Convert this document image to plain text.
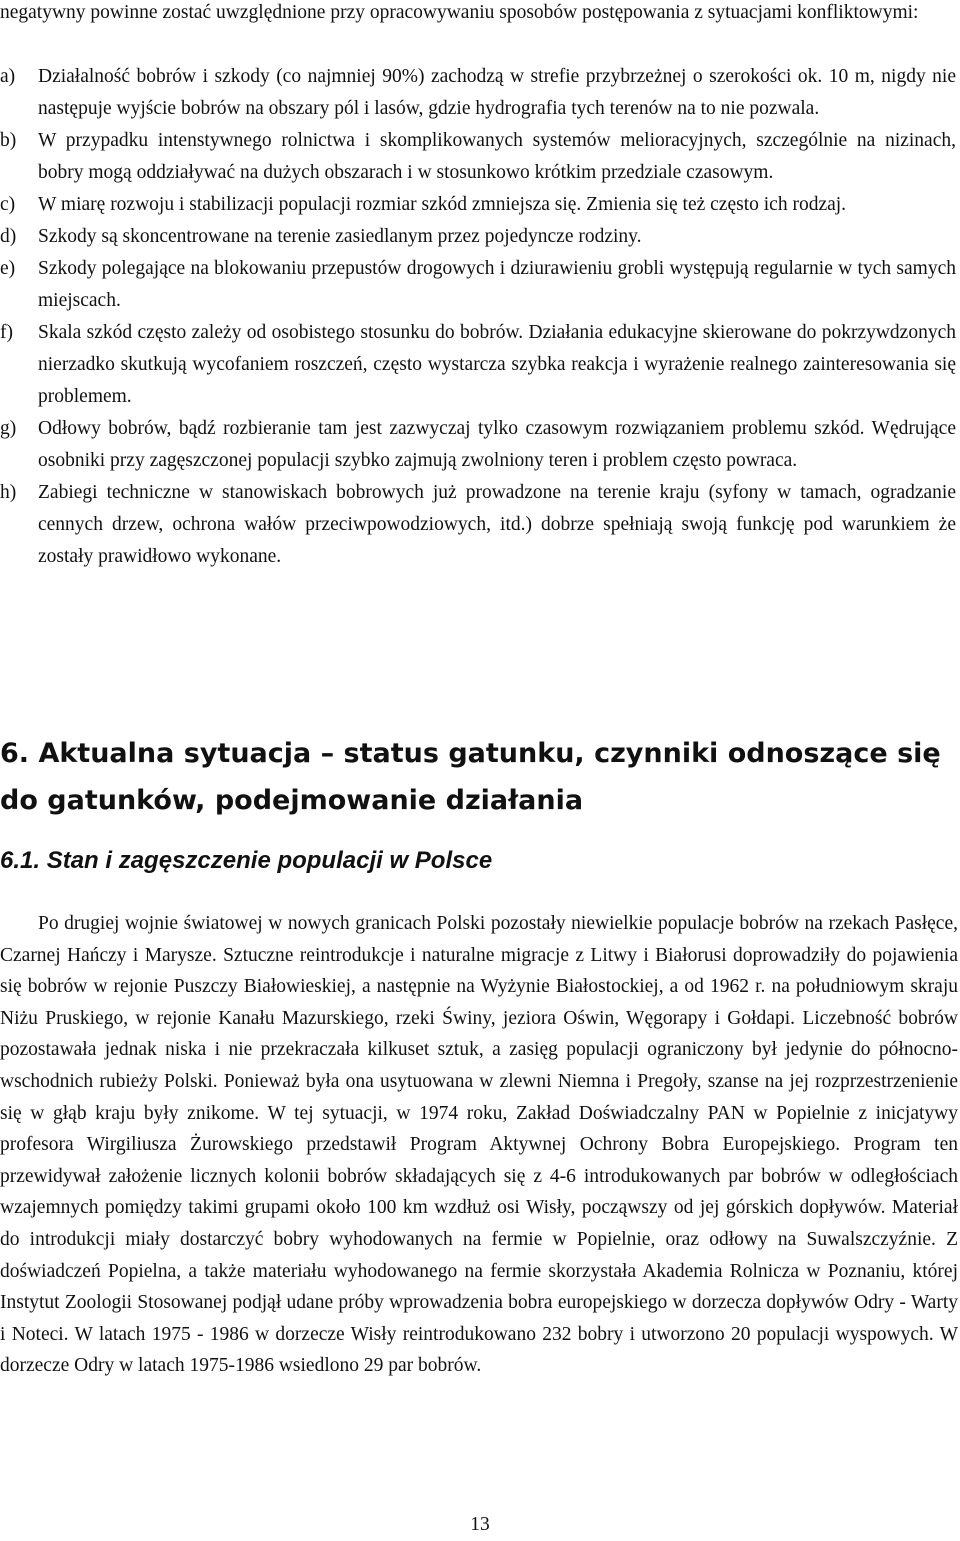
negatywny powinne zostać uwzględnione przy opracowywaniu sposobów postępowania z sytuacjami konfliktowymi:

a) Działalność bobrów i szkody (co najmniej 90%) zachodzą w strefie przybrzeżnej o szerokości ok. 10 m, nigdy nie następuje wyjście bobrów na obszary pól i lasów, gdzie hydrografia tych terenów na to nie pozwala.
b) W przypadku intenstywnego rolnictwa i skomplikowanych systemów melioracyjnych, szczególnie na nizinach, bobry mogą oddziaływać na dużych obszarach i w stosunkowo krótkim przedziale czasowym.
c) W miarę rozwoju i stabilizacji populacji rozmiar szkód zmniejsza się. Zmienia się też często ich rodzaj.
d) Szkody są skoncentrowane na terenie zasiedlanym przez pojedyncze rodziny.
e) Szkody polegające na blokowaniu przepustów drogowych i dziurawieniu grobli występują regularnie w tych samych miejscach.
f) Skala szkód często zależy od osobistego stosunku do bobrów. Działania edukacyjne skierowane do pokrzywdzonych nierzadko skutkują wycofaniem roszczeń, często wystarcza szybka reakcja i wyrażenie realnego zainteresowania się problemem.
g) Odłowy bobrów, bądź rozbieranie tam jest zazwyczaj tylko czasowym rozwiązaniem problemu szkód. Wędrujące osobniki przy zagęszczonej populacji szybko zajmują zwolniony teren i problem często powraca.
h) Zabiegi techniczne w stanowiskach bobrowych już prowadzone na terenie kraju (syfony w tamach, ogradzanie cennych drzew, ochrona wałów przeciwpowodziowych, itd.) dobrze spełniają swoją funkcję pod warunkiem że zostały prawidłowo wykonane.
6. Aktualna sytuacja – status gatunku, czynniki odnoszące się do gatunków, podejmowanie działania
6.1. Stan i zagęszczenie populacji w Polsce

Po drugiej wojnie światowej w nowych granicach Polski pozostały niewielkie populacje bobrów na rzekach Pasłęce, Czarnej Hańczy i Marysze. Sztuczne reintrodukcje i naturalne migracje z Litwy i Białorusi doprowadziły do pojawienia się bobrów w rejonie Puszczy Białowieskiej, a następnie na Wyżynie Białostockiej, a od 1962 r. na południowym skraju Niżu Pruskiego, w rejonie Kanału Mazurskiego, rzeki Świny, jeziora Oświn, Węgorapy i Gołdapi. Liczebność bobrów pozostawała jednak niska i nie przekraczała kilkuset sztuk, a zasięg populacji ograniczony był jedynie do północno-wschodnich rubieży Polski. Ponieważ była ona usytuowana w zlewni Niemna i Pregoły, szanse na jej rozprzestrzenienie się w głąb kraju były znikome. W tej sytuacji, w 1974 roku, Zakład Doświadczalny PAN w Popielnie z inicjatywy profesora Wirgiliusza Żurowskiego przedstawił Program Aktywnej Ochrony Bobra Europejskiego. Program ten przewidywał założenie licznych kolonii bobrów składających się z 4-6 introdukowanych par bobrów w odległościach wzajemnych pomiędzy takimi grupami około 100 km wzdłuż osi Wisły, począwszy od jej górskich dopływów. Materiał do introdukcji miały dostarczyć bobry wyhodowanych na fermie w Popielnie, oraz odłowy na Suwalszczyźnie. Z doświadczeń Popielna, a także materiału wyhodowanego na fermie skorzystała Akademia Rolnicza w Poznaniu, której Instytut Zoologii Stosowanej podjął udane próby wprowadzenia bobra europejskiego w dorzecza dopływów Odry - Warty i Noteci. W latach 1975 - 1986 w dorzecze Wisły reintrodukowano 232 bobry i utworzono 20 populacji wyspowych. W dorzecze Odry w latach 1975-1986 wsiedlono 29 par bobrów.

13
